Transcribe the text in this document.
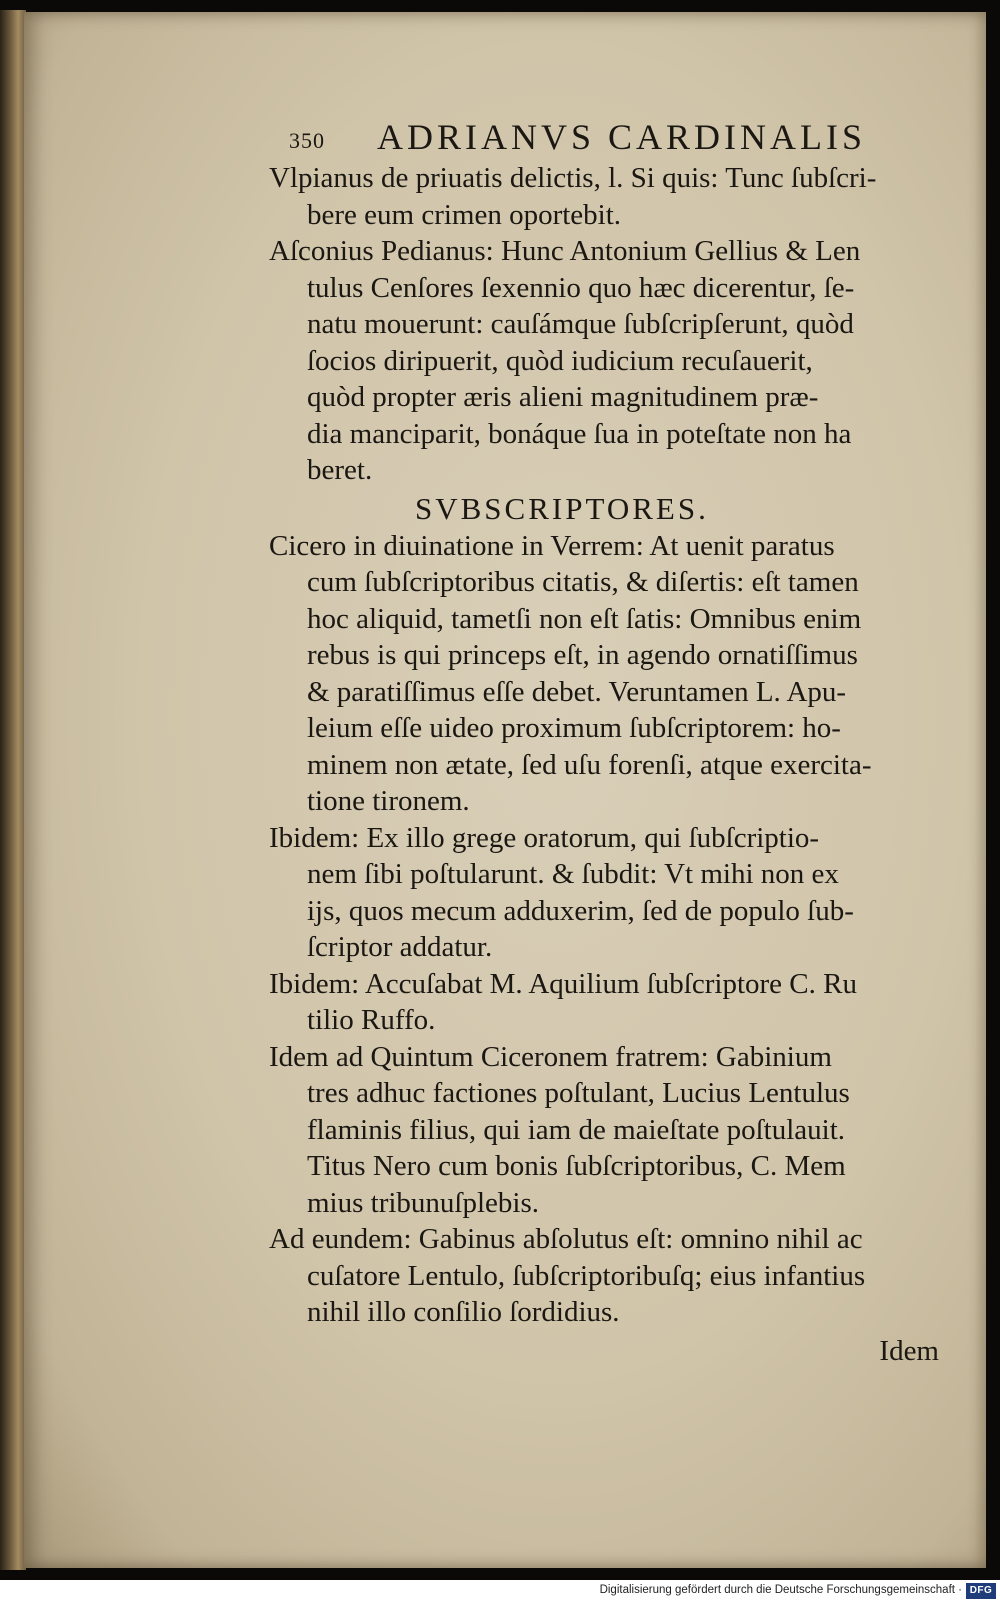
350 ADRIANVS CARDINALIS
Vlpianus de priuatis delictis, l. Si quis: Tunc ſubſcri-
bere eum crimen oportebit.
Aſconius Pedianus: Hunc Antonium Gellius & Len
tulus Cenſores ſexennio quo hæc dicerentur, ſe-
natu mouerunt: cauſámque ſubſcripſerunt, quòd
ſocios diripuerit, quòd iudicium recuſauerit,
quòd propter æris alieni magnitudinem præ-
dia manciparit, bonáque ſua in poteſtate non ha
beret.
SVBSCRIPTORES.
Cicero in diuinatione in Verrem: At uenit paratus
cum ſubſcriptoribus citatis, & diſertis: eſt tamen
hoc aliquid, tametſi non eſt ſatis: Omnibus enim
rebus is qui princeps eſt, in agendo ornatiſſimus
& paratiſſimus eſſe debet. Veruntamen L. Apu-
leium eſſe uideo proximum ſubſcriptorem: ho-
minem non ætate, ſed uſu forenſi, atque exercita-
tione tironem.
Ibidem: Ex illo grege oratorum, qui ſubſcriptio-
nem ſibi poſtularunt. & ſubdit: Vt mihi non ex
ijs, quos mecum adduxerim, ſed de populo ſub-
ſcriptor addatur.
Ibidem: Accuſabat M. Aquilium ſubſcriptore C. Ru
tilio Ruffo.
Idem ad Quintum Ciceronem fratrem: Gabinium
tres adhuc factiones poſtulant, Lucius Lentulus
flaminis filius, qui iam de maieſtate poſtulauit.
Titus Nero cum bonis ſubſcriptoribus, C. Mem
mius tribunuſplebis.
Ad eundem: Gabinus abſolutus eſt: omnino nihil ac
cuſatore Lentulo, ſubſcriptoribuſq; eius infantius
nihil illo conſilio ſordidius.
Idem
Digitalisierung gefördert durch die Deutsche Forschungsgemeinschaft · DFG
